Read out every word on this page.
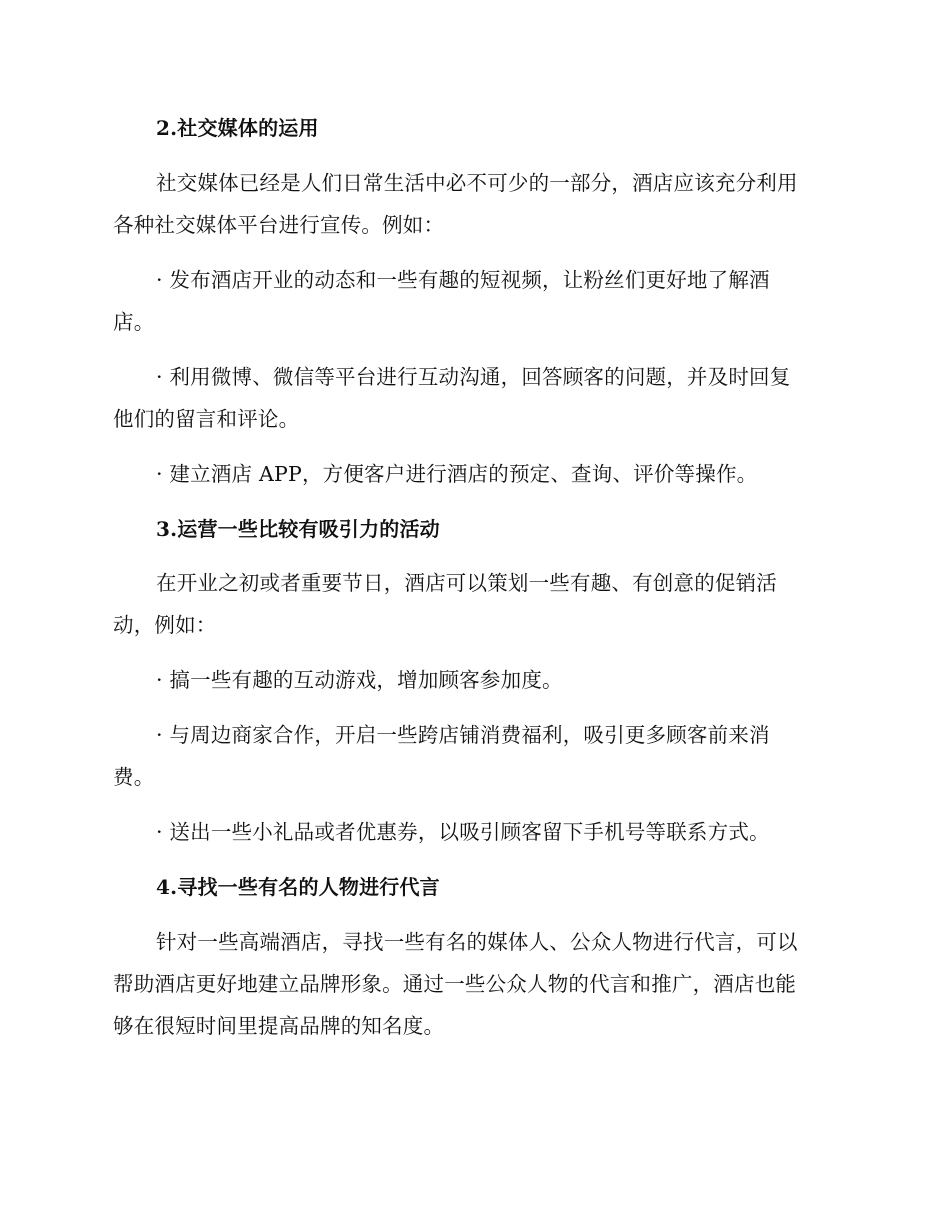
2.社交媒体的运用
社交媒体已经是人们日常生活中必不可少的一部分，酒店应该充分利用
各种社交媒体平台进行宣传。例如：
· 发布酒店开业的动态和一些有趣的短视频，让粉丝们更好地了解酒
店。
· 利用微博、微信等平台进行互动沟通，回答顾客的问题，并及时回复
他们的留言和评论。
· 建立酒店 APP，方便客户进行酒店的预定、查询、评价等操作。
3.运营一些比较有吸引力的活动
在开业之初或者重要节日，酒店可以策划一些有趣、有创意的促销活
动，例如：
· 搞一些有趣的互动游戏，增加顾客参加度。
· 与周边商家合作，开启一些跨店铺消费福利，吸引更多顾客前来消
费。
· 送出一些小礼品或者优惠券，以吸引顾客留下手机号等联系方式。
4.寻找一些有名的人物进行代言
针对一些高端酒店，寻找一些有名的媒体人、公众人物进行代言，可以
帮助酒店更好地建立品牌形象。通过一些公众人物的代言和推广，酒店也能
够在很短时间里提高品牌的知名度。
